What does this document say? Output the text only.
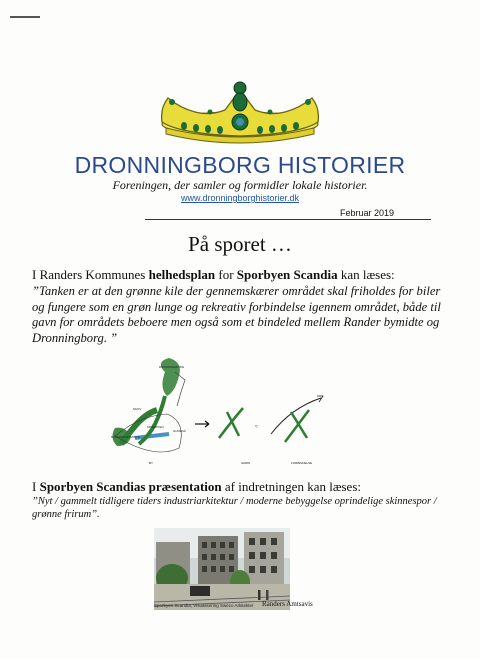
DRONNINGBORG HISTORIER
Foreningen, der samler og formidler lokale historier.
www.dronningborghistorier.dk
Februar 2019
På sporet …
I Randers Kommunes helhedsplan for Sporbyen Scandia kan læses:
”Tanken er at den grønne kile der gennemskærer området skal friholdes for biler og fungere som en grøn lunge og rekreativ forbindelse igennem området, både til gavn for områdets beboere men også som et bindeled mellem Rander bymidte og Dronningborg. ”
DRONNINGBORG
SKOV
SPORBYEN
RANDERS BYMIDTE
GUDENÅ
BY	GRØN	FORBINDELSE
≈
I Sporbyen Scandias præsentation af indretningen kan læses:
”Nyt / gammelt tidligere tiders industriarkitektur / moderne bebyggelse oprindelige skinnespor / grønne frirum”.
Sporbyen Scandia, Visualisering Sweco Arkitekter Randers Amtsavis
